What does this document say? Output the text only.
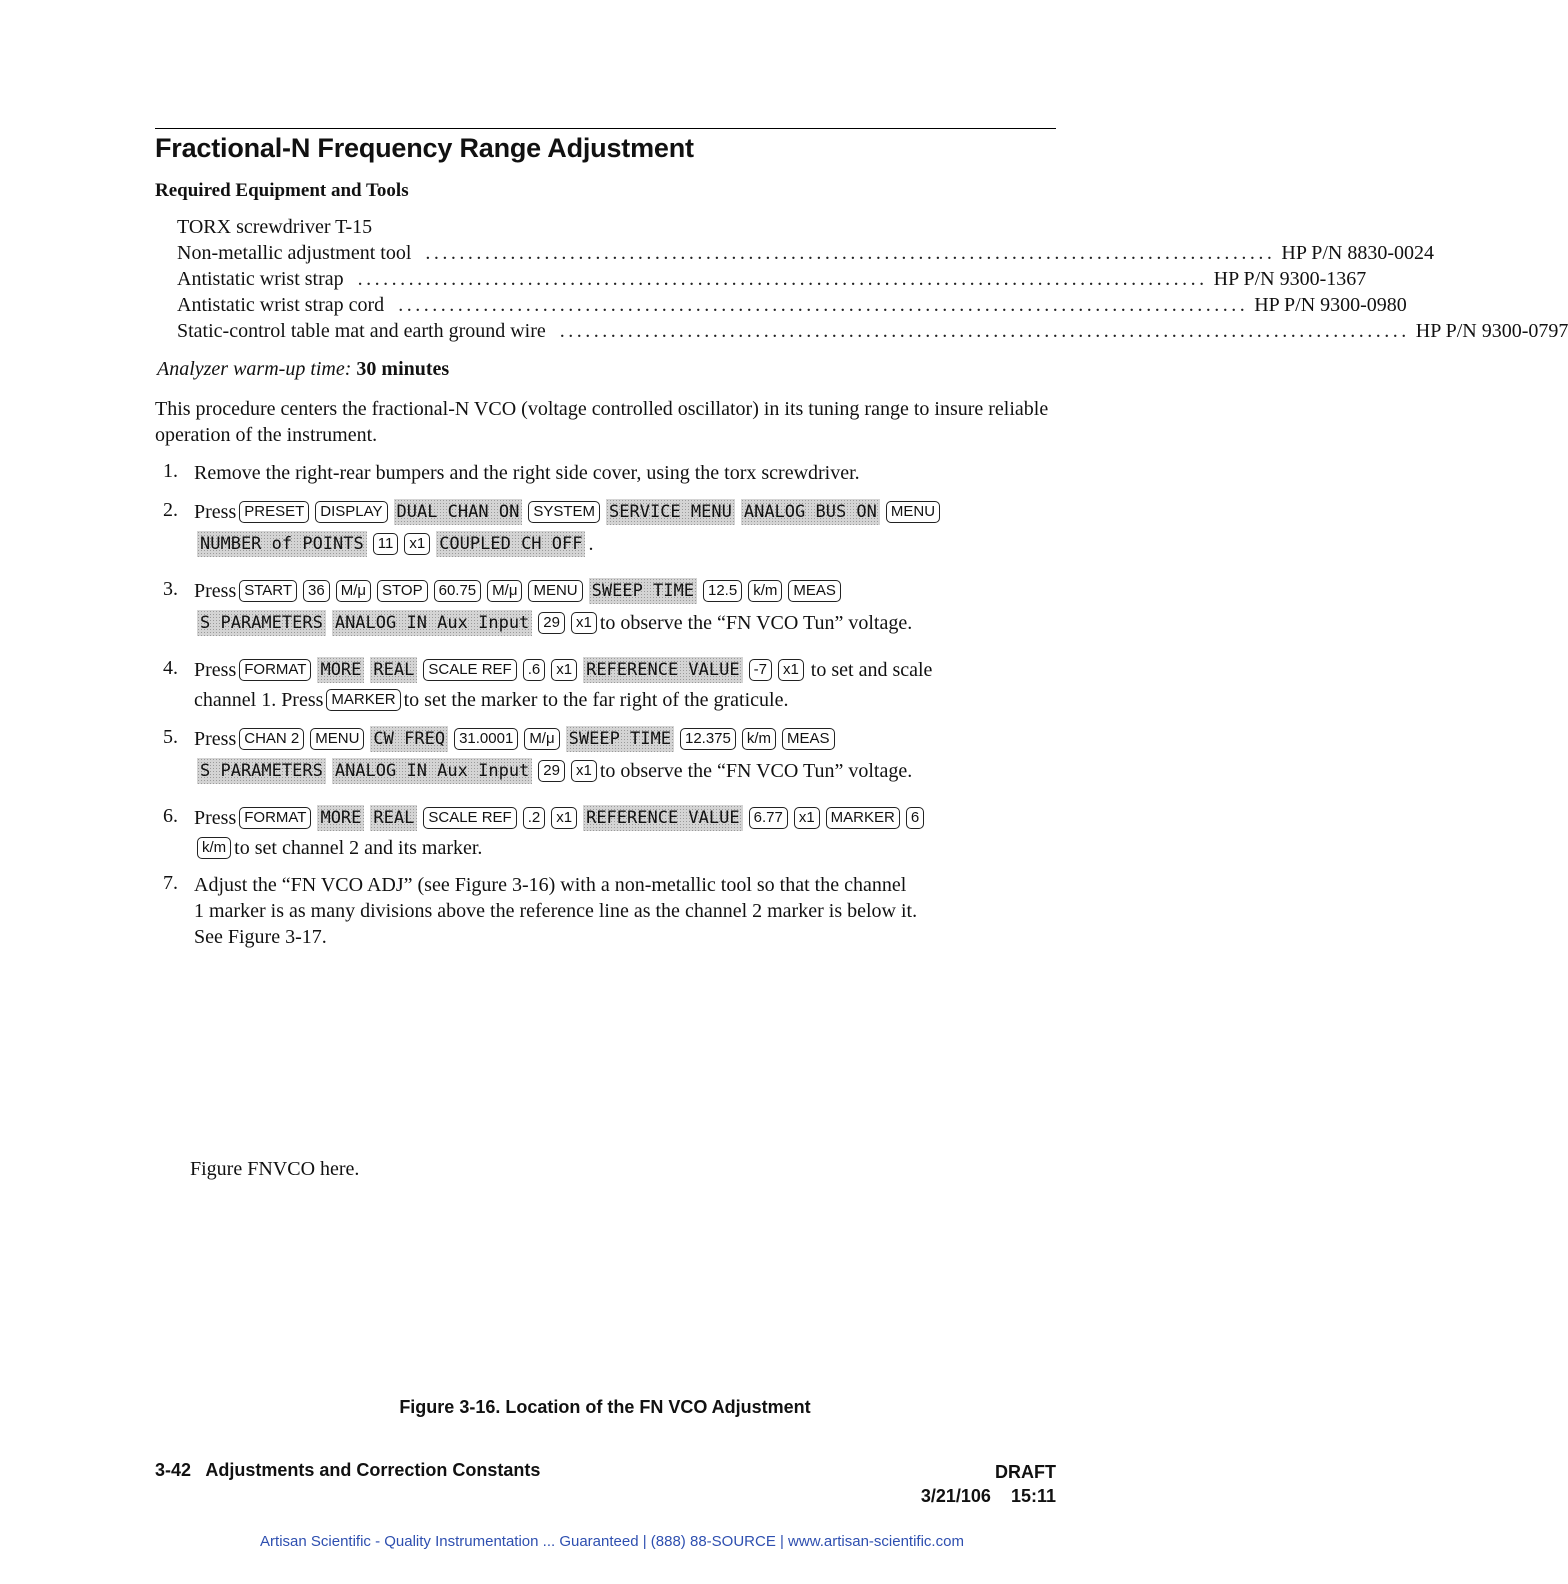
Fractional-N Frequency Range Adjustment
Required Equipment and Tools
TORX screwdriver T-15
Non-metallic adjustment tool .................................................................................................... HP P/N 8830-0024
Antistatic wrist strap .................................................................................................... HP P/N 9300-1367
Antistatic wrist strap cord .................................................................................................... HP P/N 9300-0980
Static-control table mat and earth ground wire .................................................................................................... HP P/N 9300-0797
Analyzer warm-up time: 30 minutes
This procedure centers the fractional-N VCO (voltage controlled oscillator) in its tuning range to insure reliable operation of the instrument.
1. Remove the right-rear bumpers and the right side cover, using the torx screwdriver.
2. Press PRESET	DISPLAY DUAL CHAN ON SYSTEM SERVICE MENU ANALOG BUS ON MENU
NUMBER of POINTS 11	x1 COUPLED CH OFF .
3. Press START	36	M/μ	STOP	60.75	M/μ	MENU SWEEP TIME 12.5	k/m	MEAS
S PARAMETERS ANALOG IN Aux Input 29	x1 to observe the “FN VCO Tun” voltage.
4. Press FORMAT MORE REAL SCALE REF	.6	x1 REFERENCE VALUE -7	x1 to set and scale
channel 1. Press MARKER to set the marker to the far right of the graticule.
5. Press CHAN 2	MENU CW FREQ 31.0001	M/μ SWEEP TIME 12.375	k/m	MEAS
S PARAMETERS ANALOG IN Aux Input 29	x1 to observe the “FN VCO Tun” voltage.
6. Press FORMAT MORE REAL SCALE REF	.2	x1 REFERENCE VALUE 6.77	x1	MARKER	6
k/m to set channel 2 and its marker.
7. Adjust the “FN VCO ADJ” (see Figure 3-16) with a non-metallic tool so that the channel
1 marker is as many divisions above the reference line as the channel 2 marker is below it.
See Figure 3-17.
Figure FNVCO here.
Figure 3-16. Location of the FN VCO Adjustment
3-42   Adjustments and Correction Constants	DRAFT
3/21/106    15:11
Artisan Scientific - Quality Instrumentation ... Guaranteed | (888) 88-SOURCE | www.artisan-scientific.com
